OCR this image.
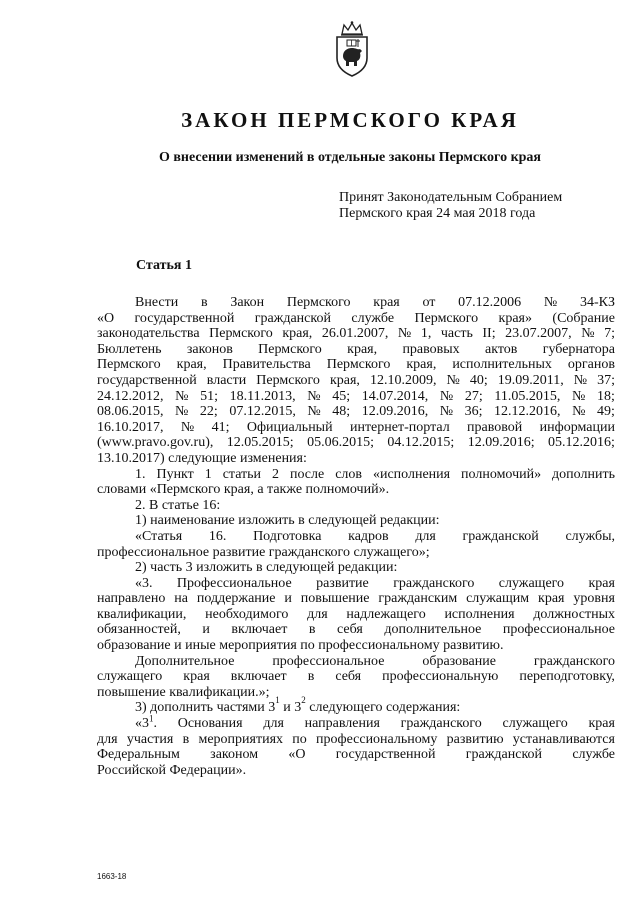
ЗАКОН ПЕРМСКОГО КРАЯ
О внесении изменений в отдельные законы Пермского края
Принят Законодательным Собранием
Пермского края 24 мая 2018 года
Статья 1
Внести в Закон Пермского края от 07.12.2006 № 34-КЗ
«О государственной гражданской службе Пермского края» (Собрание
законодательства Пермского края, 26.01.2007, № 1, часть II; 23.07.2007, № 7;
Бюллетень законов Пермского края, правовых актов губернатора
Пермского края, Правительства Пермского края, исполнительных органов
государственной власти Пермского края, 12.10.2009, № 40; 19.09.2011, № 37;
24.12.2012, № 51; 18.11.2013, № 45; 14.07.2014, № 27; 11.05.2015, № 18;
08.06.2015, № 22; 07.12.2015, № 48; 12.09.2016, № 36; 12.12.2016, № 49;
16.10.2017, № 41; Официальный интернет-портал правовой информации
(www.pravo.gov.ru), 12.05.2015; 05.06.2015; 04.12.2015; 12.09.2016; 05.12.2016;
13.10.2017) следующие изменения:
1. Пункт 1 статьи 2 после слов «исполнения полномочий» дополнить
словами «Пермского края, а также полномочий».
2. В статье 16:
1) наименование изложить в следующей редакции:
«Статья 16. Подготовка кадров для гражданской службы,
профессиональное развитие гражданского служащего»;
2) часть 3 изложить в следующей редакции:
«3. Профессиональное развитие гражданского служащего края
направлено на поддержание и повышение гражданским служащим края уровня
квалификации, необходимого для надлежащего исполнения должностных
обязанностей, и включает в себя дополнительное профессиональное
образование и иные мероприятия по профессиональному развитию.
Дополнительное	профессиональное	образование	гражданского
служащего края включает в себя профессиональную переподготовку,
повышение квалификации.»;
3) дополнить частями 3 1 и 3 2 следующего содержания:
«$3^1$. Основания для направления гражданского служащего края
для участия в мероприятиях по профессиональному развитию устанавливаются
Федеральным законом «О государственной гражданской службе
Российской Федерации».
1663-18
